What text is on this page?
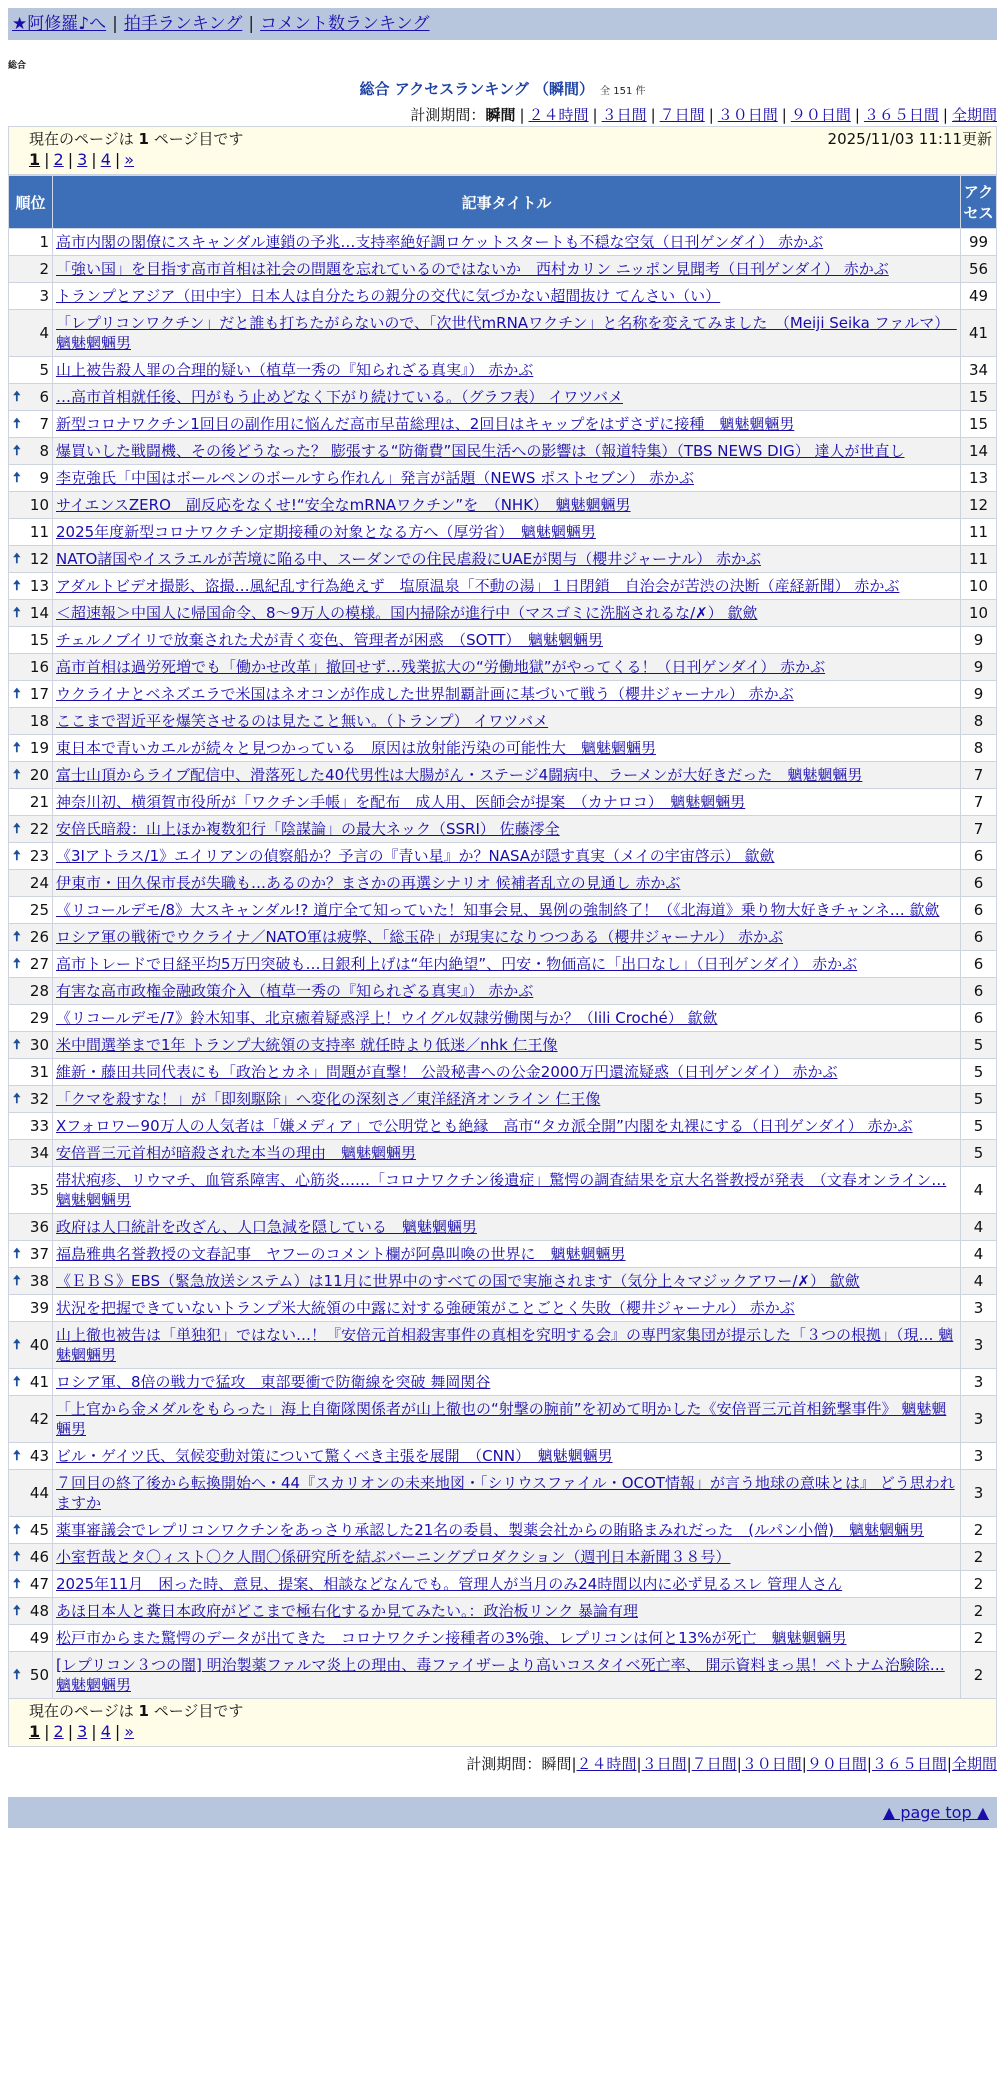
★阿修羅♪へ | 拍手ランキング | コメント数ランキング
総合
総合 アクセスランキング （瞬間） 全 151 件
計測期間：瞬間 | ２４時間 | ３日間 | ７日間 | ３０日間 | ９０日間 | ３６５日間 | 全期間
現在のページは 1 ページ目です	2025/11/03 11:11更新
1 | 2 | 3 | 4 | »
順位	記事タイトル	アクセス
1	高市内閣の閣僚にスキャンダル連鎖の予兆…支持率絶好調ロケットスタートも不穏な空気（日刊ゲンダイ） 赤かぶ	99
2	「強い国」を目指す高市首相は社会の問題を忘れているのではないか　西村カリン ニッポン見聞考（日刊ゲンダイ） 赤かぶ	56
3	トランプとアジア（田中宇）日本人は自分たちの親分の交代に気づかない超間抜け てんさい（い）	49
4	「レプリコンワクチン」だと誰も打ちたがらないので、「次世代mRNAワクチン」と名称を変えてみました　（Meiji Seika ファルマ）　魑魅魍魎男	41
5	山上被告殺人罪の合理的疑い（植草一秀の『知られざる真実』） 赤かぶ	34

🠅 6	…高市首相就任後、円がもう止めどなく下がり続けている。（グラフ表） イワツバメ	15

🠅 7	新型コロナワクチン1回目の副作用に悩んだ高市早苗総理は、2回目はキャップをはずさずに接種　魑魅魍魎男	15

🠅 8	爆買いした戦闘機、その後どうなった？ 膨張する“防衛費”国民生活への影響は（報道特集）（TBS NEWS DIG） 達人が世直し	14

🠅 9	李克強氏「中国はボールペンのボールすら作れん」発言が話題（NEWS ポストセブン） 赤かぶ	13
10	サイエンスZERO　副反応をなくせ!“安全なmRNAワクチン”を　（NHK）　魑魅魍魎男	12
11	2025年度新型コロナワクチン定期接種の対象となる方へ（厚労省）　魑魅魍魎男	11

🠅 12	NATO諸国やイスラエルが苦境に陥る中、スーダンでの住民虐殺にUAEが関与（櫻井ジャーナル） 赤かぶ	11

🠅 13	アダルトビデオ撮影、盗撮…風紀乱す行為絶えず　塩原温泉「不動の湯」１日閉鎖　自治会が苦渋の決断（産経新聞） 赤かぶ	10

🠅 14	＜超速報＞中国人に帰国命令、8〜9万人の模様。国内掃除が進行中（マスゴミに洗脳されるな/✗） 歙歛	10
15	チェルノブイリで放棄された犬が青く変色、管理者が困惑　（SOTT）　魑魅魍魎男	9
16	高市首相は過労死増でも「働かせ改革」撤回せず…残業拡大の“労働地獄”がやってくる！（日刊ゲンダイ） 赤かぶ	9

🠅 17	ウクライナとベネズエラで米国はネオコンが作成した世界制覇計画に基づいて戦う（櫻井ジャーナル） 赤かぶ	9
18	ここまで習近平を爆笑させるのは見たこと無い。（トランプ） イワツバメ	8

🠅 19	東日本で青いカエルが続々と見つかっている　原因は放射能汚染の可能性大　魑魅魍魎男	8

🠅 20	富士山頂からライブ配信中、滑落死した40代男性は大腸がん・ステージ4闘病中、ラーメンが大好きだった　魑魅魍魎男	7
21	神奈川初、横須賀市役所が「ワクチン手帳」を配布　成人用、医師会が提案　（カナロコ）　魑魅魍魎男	7

🠅 22	安倍氏暗殺：山上ほか複数犯行「陰謀論」の最大ネック（SSRI） 佐藤澪全	7

🠅 23	《3Iアトラス/1》エイリアンの偵察船か？予言の『青い星』か？NASAが隠す真実（メイの宇宙啓示） 歙歛	6
24	伊東市・田久保市長が失職も…あるのか？まさかの再選シナリオ 候補者乱立の見通し 赤かぶ	6
25	《リコールデモ/8》大スキャンダル!? 道庁全て知っていた！知事会見、異例の強制終了！（《北海道》乗り物大好きチャンネ… 歙歛	6

🠅 26	ロシア軍の戦術でウクライナ／NATO軍は疲弊、「総玉砕」が現実になりつつある（櫻井ジャーナル） 赤かぶ	6

🠅 27	高市トレードで日経平均5万円突破も…日銀利上げは“年内絶望”、円安・物価高に「出口なし」（日刊ゲンダイ） 赤かぶ	6
28	有害な高市政権金融政策介入（植草一秀の『知られざる真実』） 赤かぶ	6
29	《リコールデモ/7》鈴木知事、北京癒着疑惑浮上！ウイグル奴隷労働関与か？（lili Croché） 歙歛	6

🠅 30	米中間選挙まで1年 トランプ大統領の支持率 就任時より低迷／nhk 仁王像	5
31	維新・藤田共同代表にも「政治とカネ」問題が直撃！ 公設秘書への公金2000万円還流疑惑（日刊ゲンダイ） 赤かぶ	5

🠅 32	「クマを殺すな！」が「即刻駆除」へ変化の深刻さ／東洋経済オンライン 仁王像	5
33	Xフォロワー90万人の人気者は「嫌メディア」で公明党とも絶縁　高市“タカ派全開”内閣を丸裸にする（日刊ゲンダイ） 赤かぶ	5
34	安倍晋三元首相が暗殺された本当の理由　魑魅魍魎男	5
35	帯状疱疹、リウマチ、血管系障害、心筋炎……「コロナワクチン後遺症」驚愕の調査結果を京大名誉教授が発表　（文春オンライン… 魑魅魍魎男	4
36	政府は人口統計を改ざん、人口急減を隠している　魑魅魍魎男	4

🠅 37	福島雅典名誉教授の文春記事　ヤフーのコメント欄が阿鼻叫喚の世界に　魑魅魍魎男	4

🠅 38	《ＥＢＳ》EBS（緊急放送システム）は11月に世界中のすべての国で実施されます（気分上々マジックアワー/✗） 歙歛	4
39	状況を把握できていないトランプ米大統領の中露に対する強硬策がことごとく失敗（櫻井ジャーナル） 赤かぶ	3

🠅 40	山上徹也被告は「単独犯」ではない…！『安倍元首相殺害事件の真相を究明する会』の専門家集団が提示した「３つの根拠」（現… 魑魅魍魎男	3

🠅 41	ロシア軍、8倍の戦力で猛攻　東部要衝で防衛線を突破 舞岡関谷	3
42	「上官から金メダルをもらった」海上自衛隊関係者が山上徹也の“射撃の腕前”を初めて明かした《安倍晋三元首相銃撃事件》 魑魅魍魎男	3

🠅 43	ビル・ゲイツ氏、気候変動対策について驚くべき主張を展開　（CNN）　魑魅魍魎男	3
44	７回目の終了後から転換開始へ・44『スカリオンの未来地図・「シリウスファイル・OCOT情報」が言う地球の意味とは』 どう思われますか	3

🠅 45	薬事審議会でレプリコンワクチンをあっさり承認した21名の委員、製薬会社からの賄賂まみれだった　(ルパン小僧)　魑魅魍魎男	2

🠅 46	小室哲哉とタ〇ィスト〇ク人間〇係研究所を結ぶバーニングプロダクション（週刊日本新聞３８号）	2

🠅 47	2025年11月　困った時、意見、提案、相談などなんでも。管理人が当月のみ24時間以内に必ず見るスレ 管理人さん	2

🠅 48	あほ日本人と糞日本政府がどこまで極右化するか見てみたい。：政治板リンク 暴論有理	2
49	松戸市からまた驚愕のデータが出てきた　コロナワクチン接種者の3%強、レプリコンは何と13%が死亡　魑魅魍魎男	2

🠅 50	[レプリコン３つの闇] 明治製薬ファルマ炎上の理由、毒ファイザーより高いコスタイベ死亡率、 開示資料まっ黒！ベトナム治験除… 魑魅魍魎男	2
現在のページは 1 ページ目です
1 | 2 | 3 | 4 | »
計測期間：瞬間|２４時間|３日間|７日間|３０日間|９０日間|３６５日間|全期間
▲ page top ▲
